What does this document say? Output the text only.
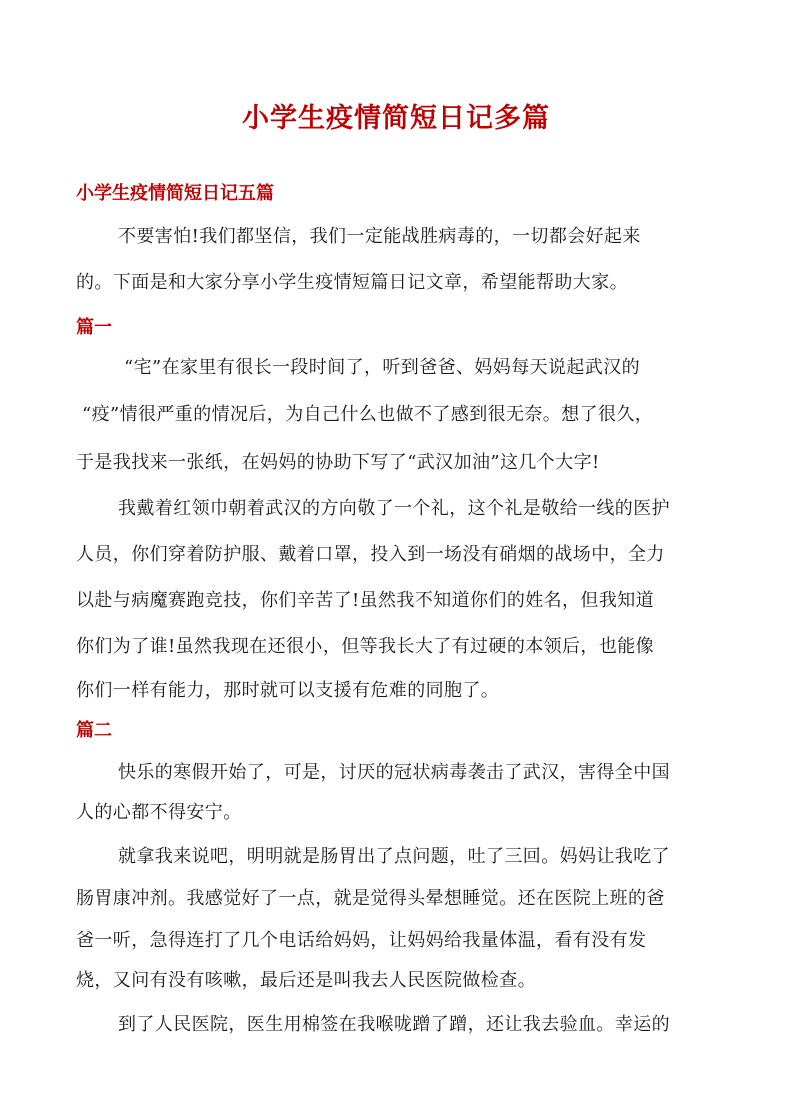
小学生疫情简短日记多篇
小学生疫情简短日记五篇
不要害怕!我们都坚信，我们一定能战胜病毒的，一切都会好起来
的。下面是和大家分享小学生疫情短篇日记文章，希望能帮助大家。
篇一
“宅”在家里有很长一段时间了，听到爸爸、妈妈每天说起武汉的
“疫”情很严重的情况后，为自己什么也做不了感到很无奈。想了很久，
于是我找来一张纸，在妈妈的协助下写了“武汉加油”这几个大字!
我戴着红领巾朝着武汉的方向敬了一个礼，这个礼是敬给一线的医护
人员，你们穿着防护服、戴着口罩，投入到一场没有硝烟的战场中，全力
以赴与病魔赛跑竞技，你们辛苦了!虽然我不知道你们的姓名，但我知道
你们为了谁!虽然我现在还很小，但等我长大了有过硬的本领后，也能像
你们一样有能力，那时就可以支援有危难的同胞了。
篇二
快乐的寒假开始了，可是，讨厌的冠状病毒袭击了武汉，害得全中国
人的心都不得安宁。
就拿我来说吧，明明就是肠胃出了点问题，吐了三回。妈妈让我吃了
肠胃康冲剂。我感觉好了一点，就是觉得头晕想睡觉。还在医院上班的爸
爸一听，急得连打了几个电话给妈妈，让妈妈给我量体温，看有没有发
烧，又问有没有咳嗽，最后还是叫我去人民医院做检查。
到了人民医院，医生用棉签在我喉咙蹭了蹭，还让我去验血。幸运的
